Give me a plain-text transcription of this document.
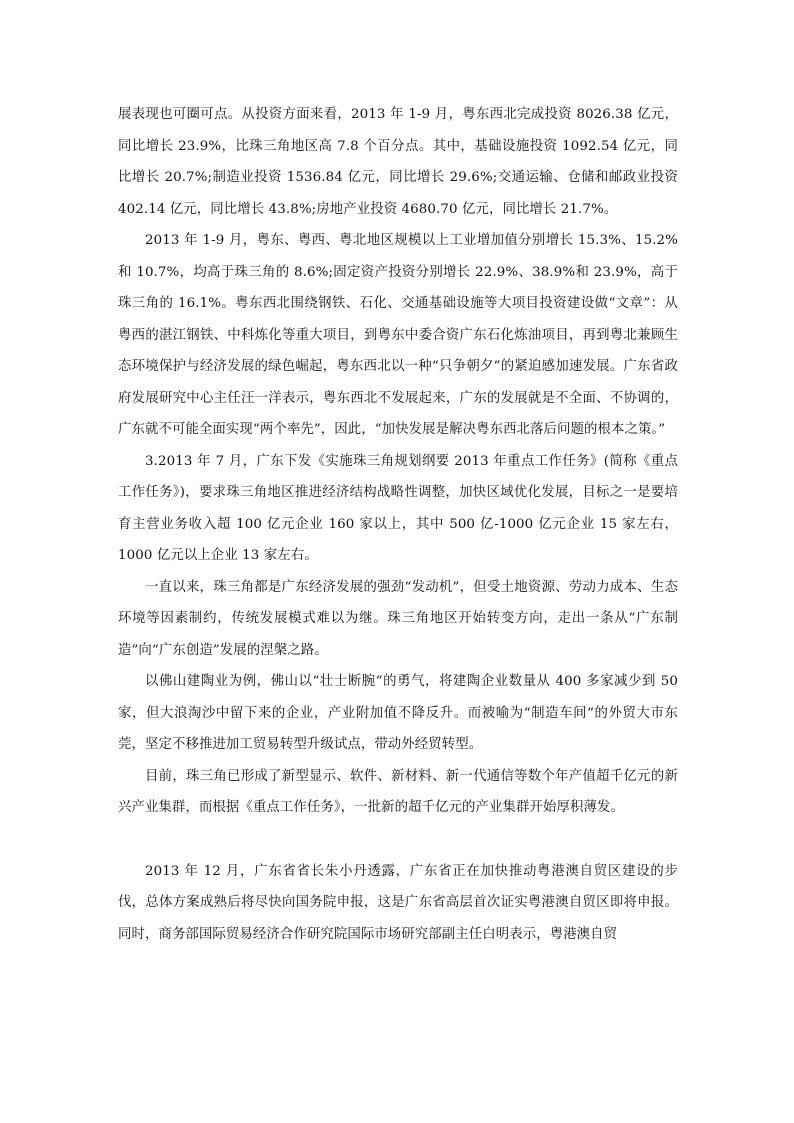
展表现也可圈可点。从投资方面来看，2013 年 1-9 月，粤东西北完成投资 8026.38 亿元，同比增长 23.9%，比珠三角地区高 7.8 个百分点。其中，基础设施投资 1092.54 亿元，同比增长 20.7%;制造业投资 1536.84 亿元，同比增长 29.6%;交通运输、仓储和邮政业投资 402.14 亿元，同比增长 43.8%;房地产业投资 4680.70 亿元，同比增长 21.7%。

2013 年 1-9 月，粤东、粤西、粤北地区规模以上工业增加值分别增长 15.3%、15.2% 和 10.7%，均高于珠三角的 8.6%;固定资产投资分别增长 22.9%、38.9%和 23.9%，高于珠三角的 16.1%。粤东西北围绕钢铁、石化、交通基础设施等大项目投资建设做“文章”：从粤西的湛江钢铁、中科炼化等重大项目，到粤东中委合资广东石化炼油项目，再到粤北兼顾生态环境保护与经济发展的绿色崛起，粤东西北以一种“只争朝夕”的紧迫感加速发展。广东省政府发展研究中心主任汪一洋表示，粤东西北不发展起来，广东的发展就是不全面、不协调的，广东就不可能全面实现“两个率先”，因此，“加快发展是解决粤东西北落后问题的根本之策。”

3.2013 年 7 月，广东下发《实施珠三角规划纲要 2013 年重点工作任务》(简称《重点工作任务》)，要求珠三角地区推进经济结构战略性调整，加快区域优化发展，目标之一是要培育主营业务收入超 100 亿元企业 160 家以上，其中 500 亿-1000 亿元企业 15 家左右，1000 亿元以上企业 13 家左右。

一直以来，珠三角都是广东经济发展的强劲“发动机”，但受土地资源、劳动力成本、生态环境等因素制约，传统发展模式难以为继。珠三角地区开始转变方向，走出一条从“广东制造”向“广东创造”发展的涅槃之路。

以佛山建陶业为例，佛山以“壮士断腕”的勇气，将建陶企业数量从 400 多家减少到 50 家，但大浪淘沙中留下来的企业，产业附加值不降反升。而被喻为“制造车间”的外贸大市东莞，坚定不移推进加工贸易转型升级试点，带动外经贸转型。

目前，珠三角已形成了新型显示、软件、新材料、新一代通信等数个年产值超千亿元的新兴产业集群，而根据《重点工作任务》，一批新的超千亿元的产业集群开始厚积薄发。

2013 年 12 月，广东省省长朱小丹透露，广东省正在加快推动粤港澳自贸区建设的步伐，总体方案成熟后将尽快向国务院申报，这是广东省高层首次证实粤港澳自贸区即将申报。同时，商务部国际贸易经济合作研究院国际市场研究部副主任白明表示，粤港澳自贸
